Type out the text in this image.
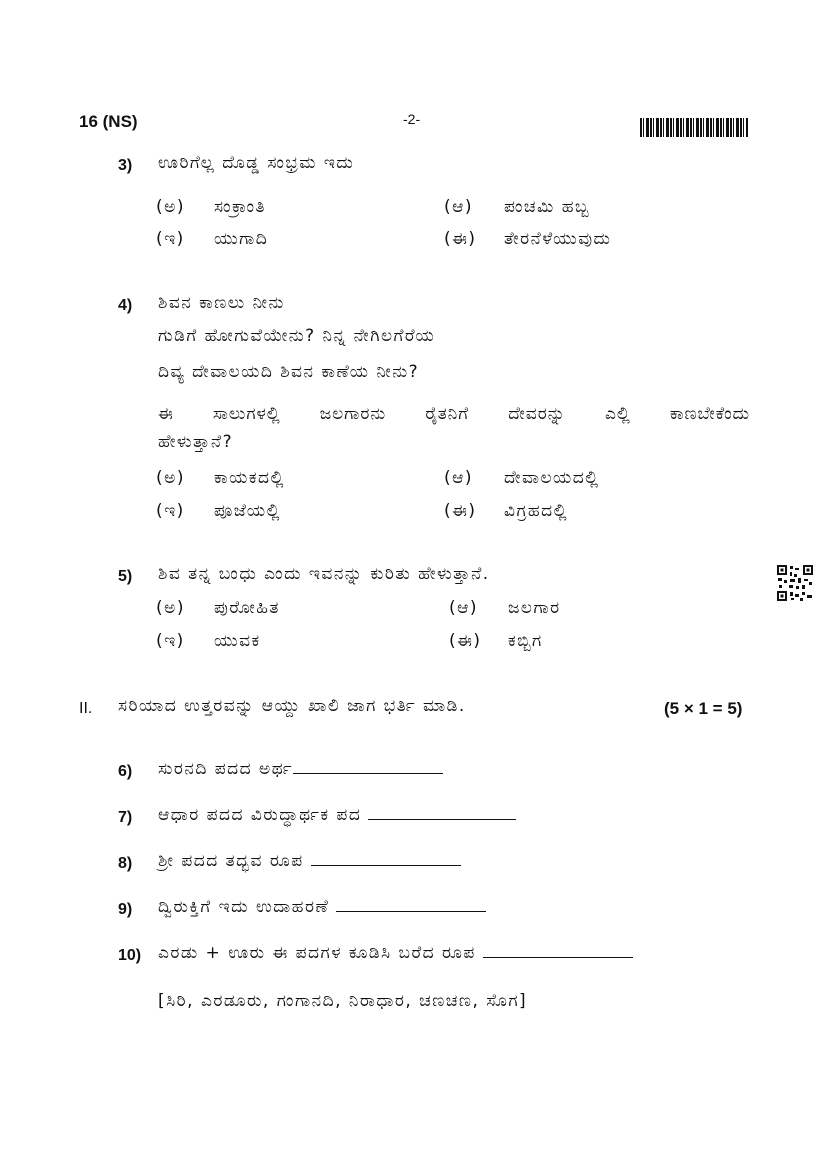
16 (NS)	-2-
3) ಊರಿಗೆಲ್ಲ ದೊಡ್ಡ ಸಂಭ್ರಮ ಇದು
(ಅ) ಸಂಕ್ರಾಂತಿ	(ಆ) ಪಂಚಮಿ ಹಬ್ಬ
(ಇ) ಯುಗಾದಿ	(ಈ) ತೇರನೆಳೆಯುವುದು
4) ಶಿವನ ಕಾಣಲು ನೀನು
ಗುಡಿಗೆ ಹೋಗುವೆಯೇನು? ನಿನ್ನ ನೇಗಿಲಗೆರೆಯ
ದಿವ್ಯ ದೇವಾಲಯದಿ ಶಿವನ ಕಾಣೆಯ ನೀನು?
ಈ ಸಾಲುಗಳಲ್ಲಿ ಜಲಗಾರನು ರೈತನಿಗೆ ದೇವರನ್ನು ಎಲ್ಲಿ ಕಾಣಬೇಕೆಂದು
ಹೇಳುತ್ತಾನೆ?
(ಅ) ಕಾಯಕದಲ್ಲಿ	(ಆ) ದೇವಾಲಯದಲ್ಲಿ
(ಇ) ಪೂಜೆಯಲ್ಲಿ	(ಈ) ವಿಗ್ರಹದಲ್ಲಿ
5) ಶಿವ ತನ್ನ ಬಂಧು ಎಂದು ಇವನನ್ನು ಕುರಿತು ಹೇಳುತ್ತಾನೆ.
(ಅ) ಪುರೋಹಿತ	(ಆ) ಜಲಗಾರ
(ಇ) ಯುವಕ	(ಈ) ಕಬ್ಬಿಗ
II. ಸರಿಯಾದ ಉತ್ತರವನ್ನು ಆಯ್ದು ಖಾಲಿ ಜಾಗ ಭರ್ತಿ ಮಾಡಿ.	(5 × 1 = 5)
6) ಸುರನದಿ ಪದದ ಅರ್ಥ
7) ಆಧಾರ ಪದದ ವಿರುದ್ಧಾರ್ಥಕ ಪದ
8) ಶ್ರೀ ಪದದ ತದ್ಭವ ರೂಪ
9) ದ್ವಿರುಕ್ತಿಗೆ ಇದು ಉದಾಹರಣೆ
10) ಎರಡು + ಊರು ಈ ಪದಗಳ ಕೂಡಿಸಿ ಬರೆದ ರೂಪ
[ಸಿರಿ, ಎರಡೂರು, ಗಂಗಾನದಿ, ನಿರಾಧಾರ, ಚಣಚಣ, ಸೊಗ]
